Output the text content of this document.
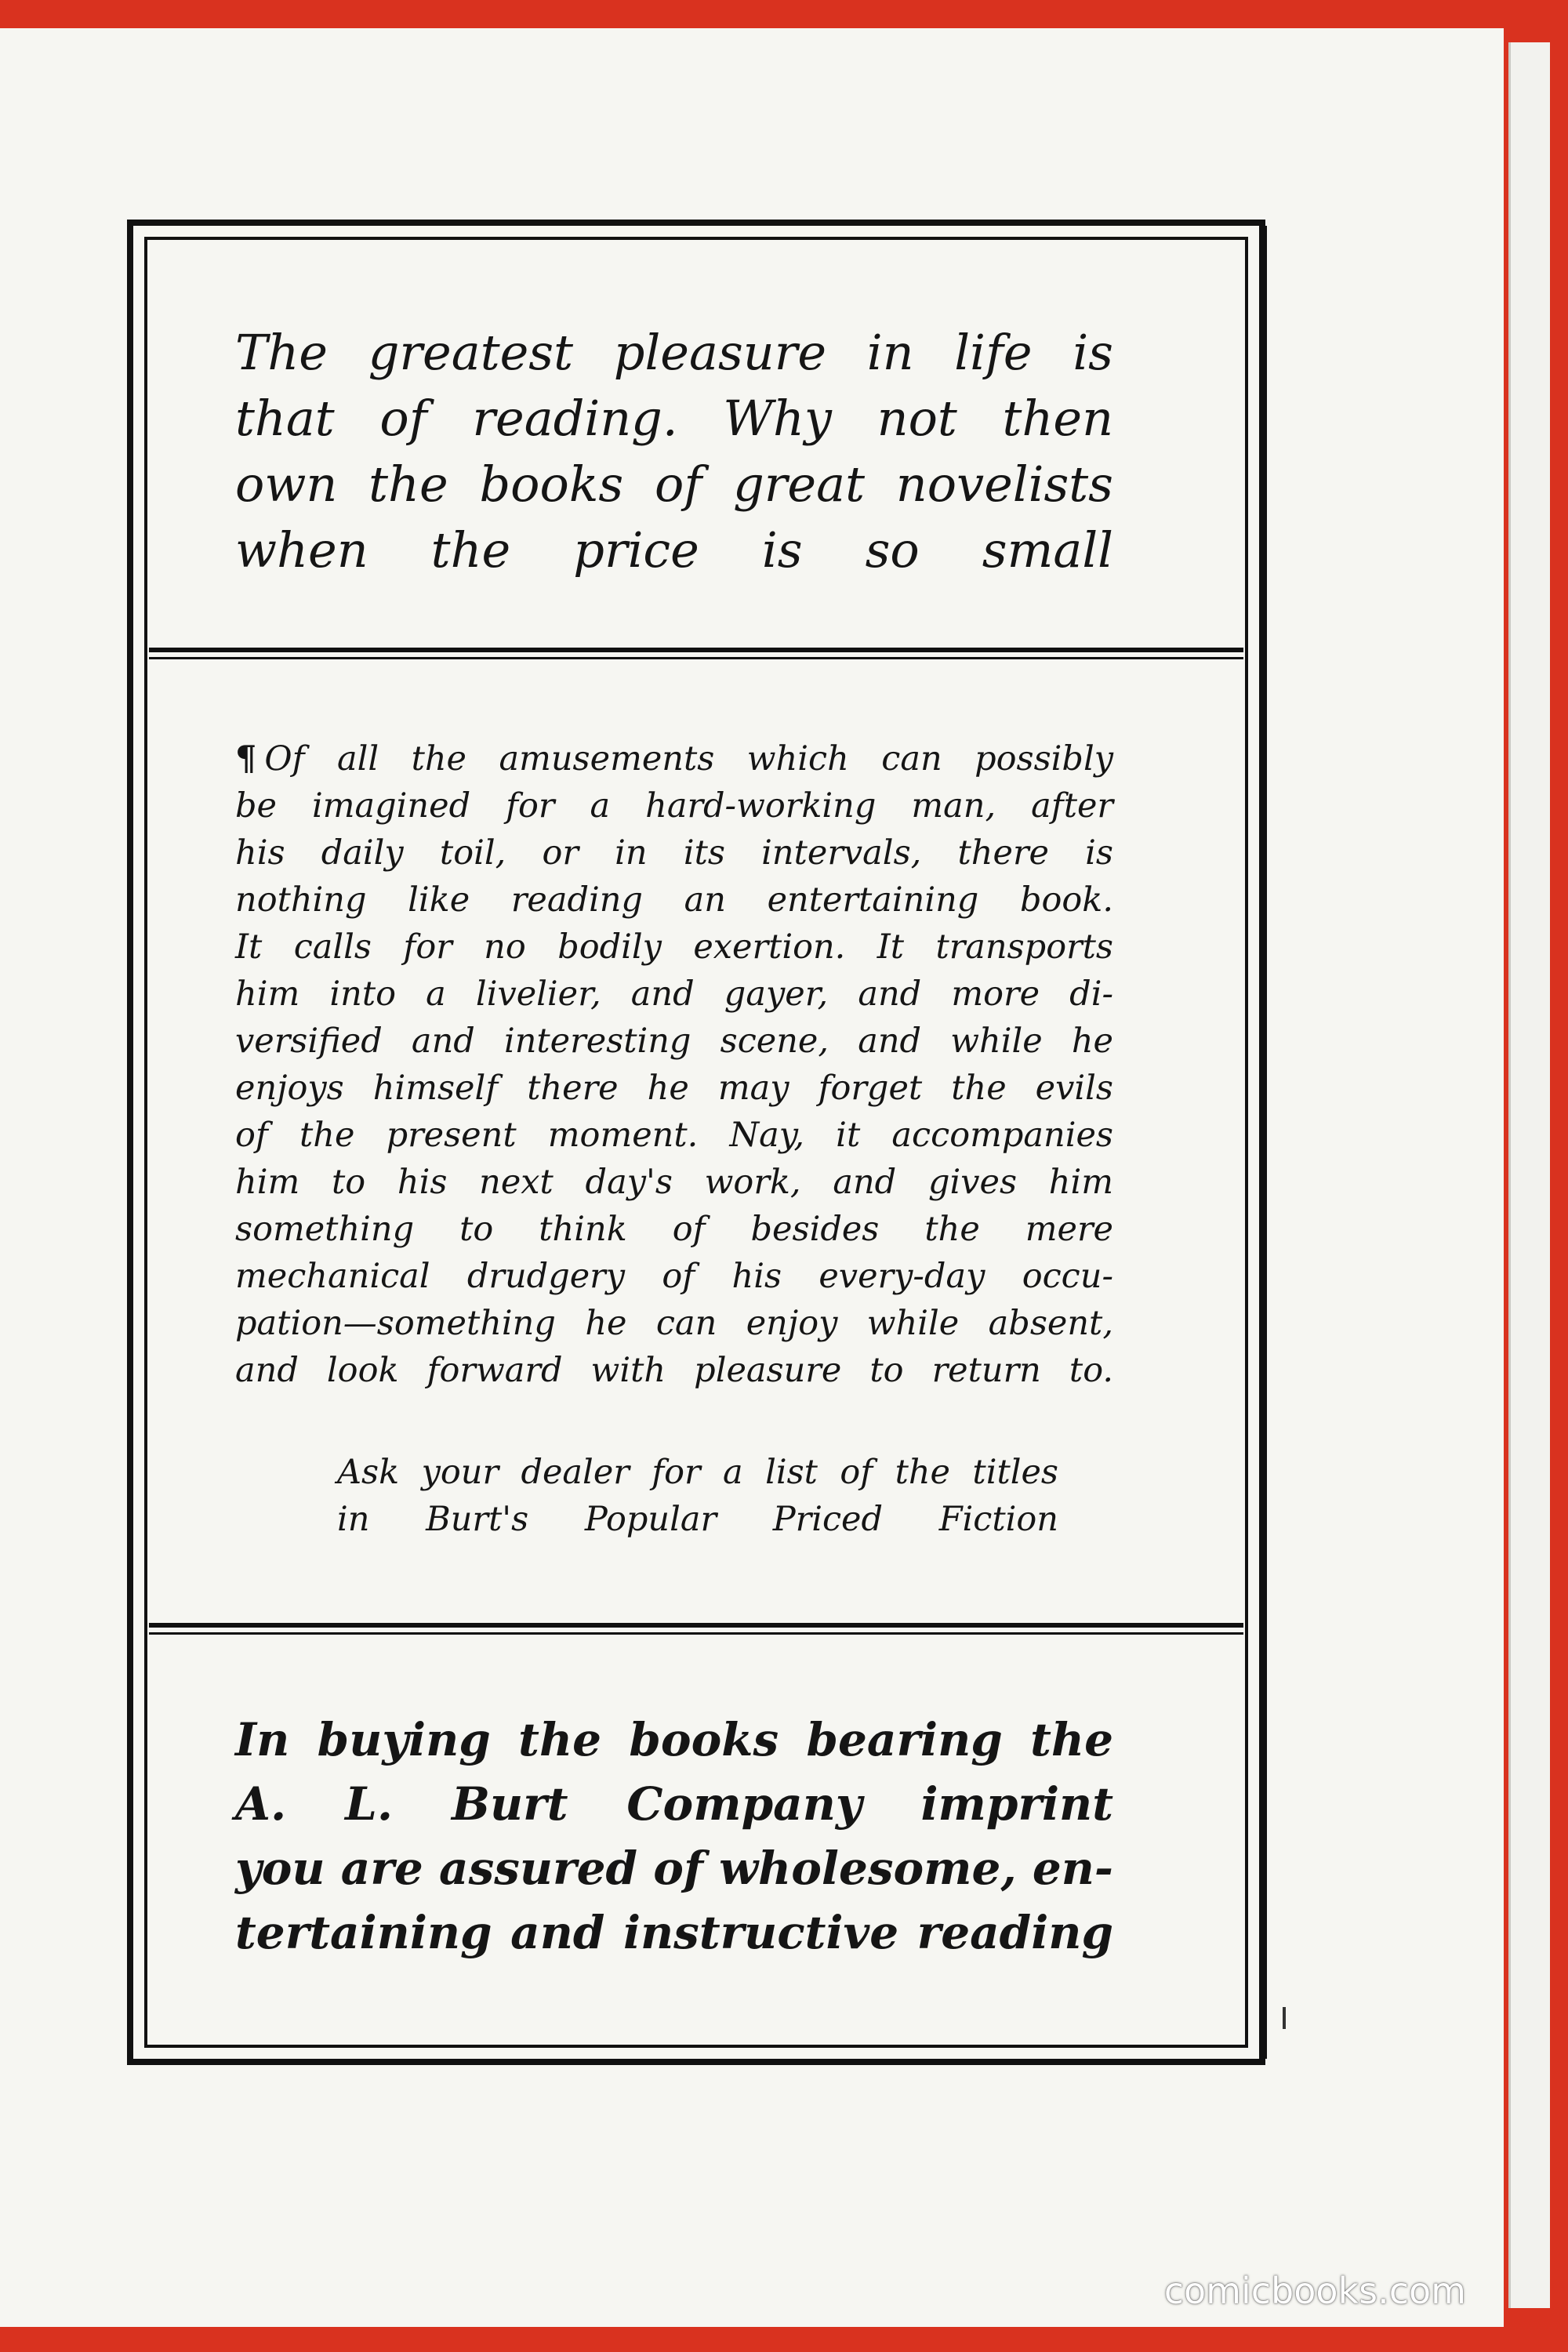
The greatest pleasure in life is
that of reading. Why not then
own the books of great novelists
when the price is so small
¶ Of all the amusements which can possibly
be imagined for a hard-working man, after
his daily toil, or in its intervals, there is
nothing like reading an entertaining book.
It calls for no bodily exertion. It transports
him into a livelier, and gayer, and more di-
versified and interesting scene, and while he
enjoys himself there he may forget the evils
of the present moment. Nay, it accompanies
him to his next day's work, and gives him
something to think of besides the mere
mechanical drudgery of his every-day occu-
pation—something he can enjoy while absent,
and look forward with pleasure to return to.
Ask your dealer for a list of the titles
in Burt's Popular Priced Fiction
In buying the books bearing the
A. L. Burt Company imprint
you are assured of wholesome, en-
tertaining and instructive reading
comicbooks.com
